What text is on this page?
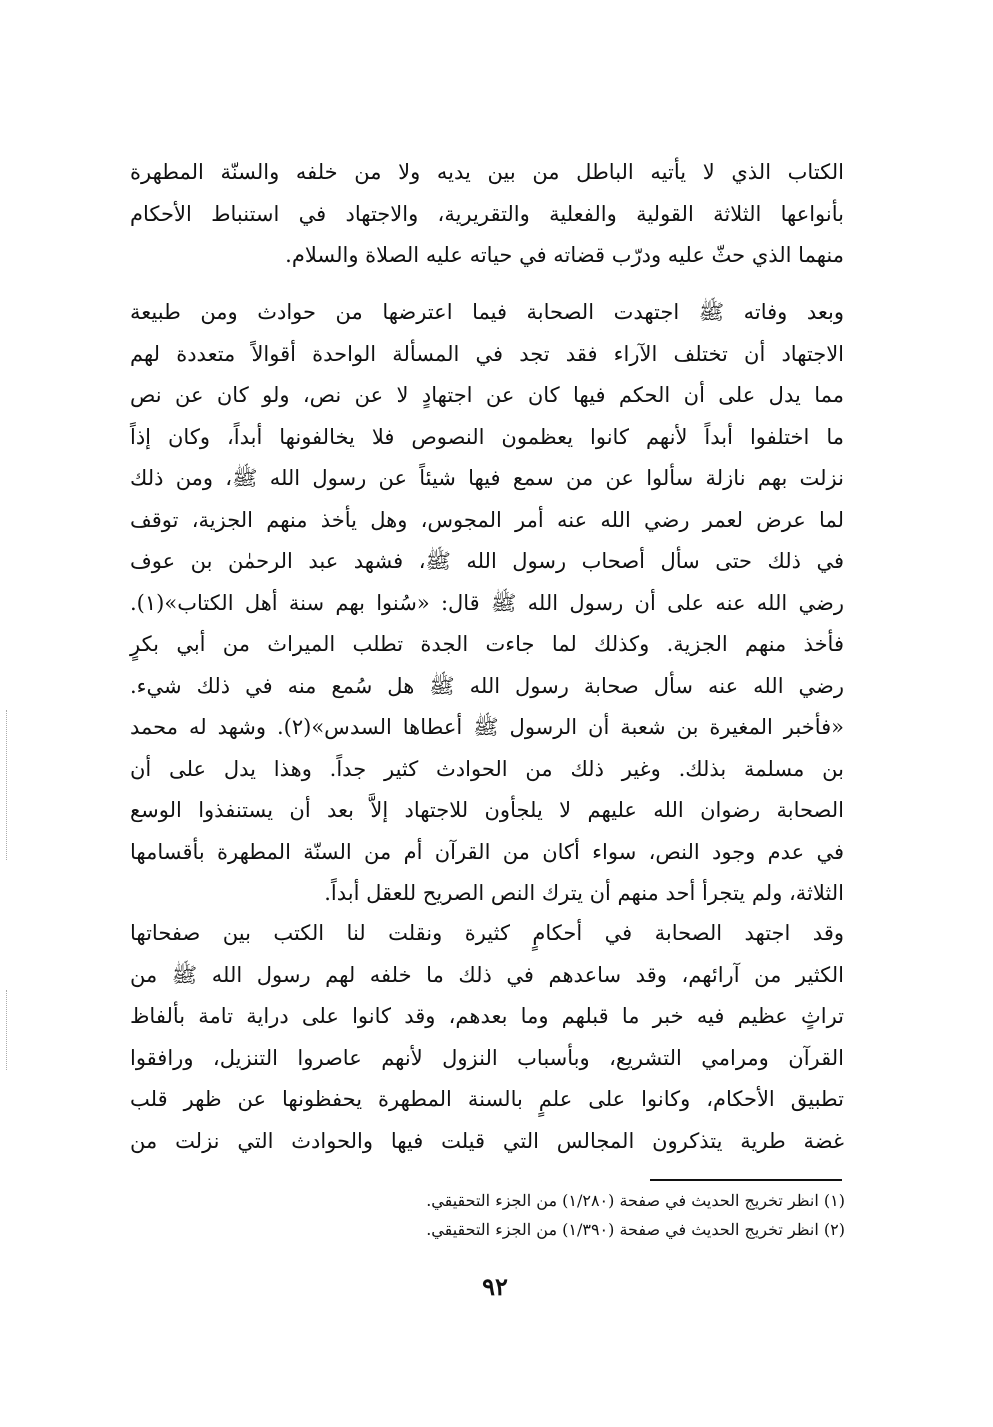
الكتاب الذي لا يأتيه الباطل من بين يديه ولا من خلفه والسنّة المطهرة
بأنواعها الثلاثة القولية والفعلية والتقريرية، والاجتهاد في استنباط الأحكام
منهما الذي حثّ عليه ودرّب قضاته في حياته عليه الصلاة والسلام.
وبعد وفاته ﷺ اجتهدت الصحابة فيما اعترضها من حوادث ومن طبيعة
الاجتهاد أن تختلف الآراء فقد تجد في المسألة الواحدة أقوالاً متعددة لهم
مما يدل على أن الحكم فيها كان عن اجتهادٍ لا عن نص، ولو كان عن نص
ما اختلفوا أبداً لأنهم كانوا يعظمون النصوص فلا يخالفونها أبداً، وكان إذاً
نزلت بهم نازلة سألوا عن من سمع فيها شيئاً عن رسول الله ﷺ، ومن ذلك
لما عرض لعمر رضي الله عنه أمر المجوس، وهل يأخذ منهم الجزية، توقف
في ذلك حتى سأل أصحاب رسول الله ﷺ، فشهد عبد الرحمٰن بن عوف
رضي الله عنه على أن رسول الله ﷺ قال: «سُنوا بهم سنة أهل الكتاب»(١).
فأخذ منهم الجزية. وكذلك لما جاءت الجدة تطلب الميراث من أبي بكرٍ
رضي الله عنه سأل صحابة رسول الله ﷺ هل سُمع منه في ذلك شيء.
«فأخبر المغيرة بن شعبة أن الرسول ﷺ أعطاها السدس»(٢). وشهد له محمد
بن مسلمة بذلك. وغير ذلك من الحوادث كثير جداً. وهذا يدل على أن
الصحابة رضوان الله عليهم لا يلجأون للاجتهاد إلاَّ بعد أن يستنفذوا الوسع
في عدم وجود النص، سواء أكان من القرآن أم من السنّة المطهرة بأقسامها
الثلاثة، ولم يتجرأ أحد منهم أن يترك النص الصريح للعقل أبداً.
وقد اجتهد الصحابة في أحكامٍ كثيرة ونقلت لنا الكتب بين صفحاتها
الكثير من آرائهم، وقد ساعدهم في ذلك ما خلفه لهم رسول الله ﷺ من
تراثٍ عظيم فيه خبر ما قبلهم وما بعدهم، وقد كانوا على دراية تامة بألفاظ
القرآن ومرامي التشريع، وبأسباب النزول لأنهم عاصروا التنزيل، ورافقوا
تطبيق الأحكام، وكانوا على علمٍ بالسنة المطهرة يحفظونها عن ظهر قلب
غضة طرية يتذكرون المجالس التي قيلت فيها والحوادث التي نزلت من
(١) انظر تخريج الحديث في صفحة (١/٢٨٠) من الجزء التحقيقي.
(٢) انظر تخريج الحديث في صفحة (١/٣٩٠) من الجزء التحقيقي.
٩٢
